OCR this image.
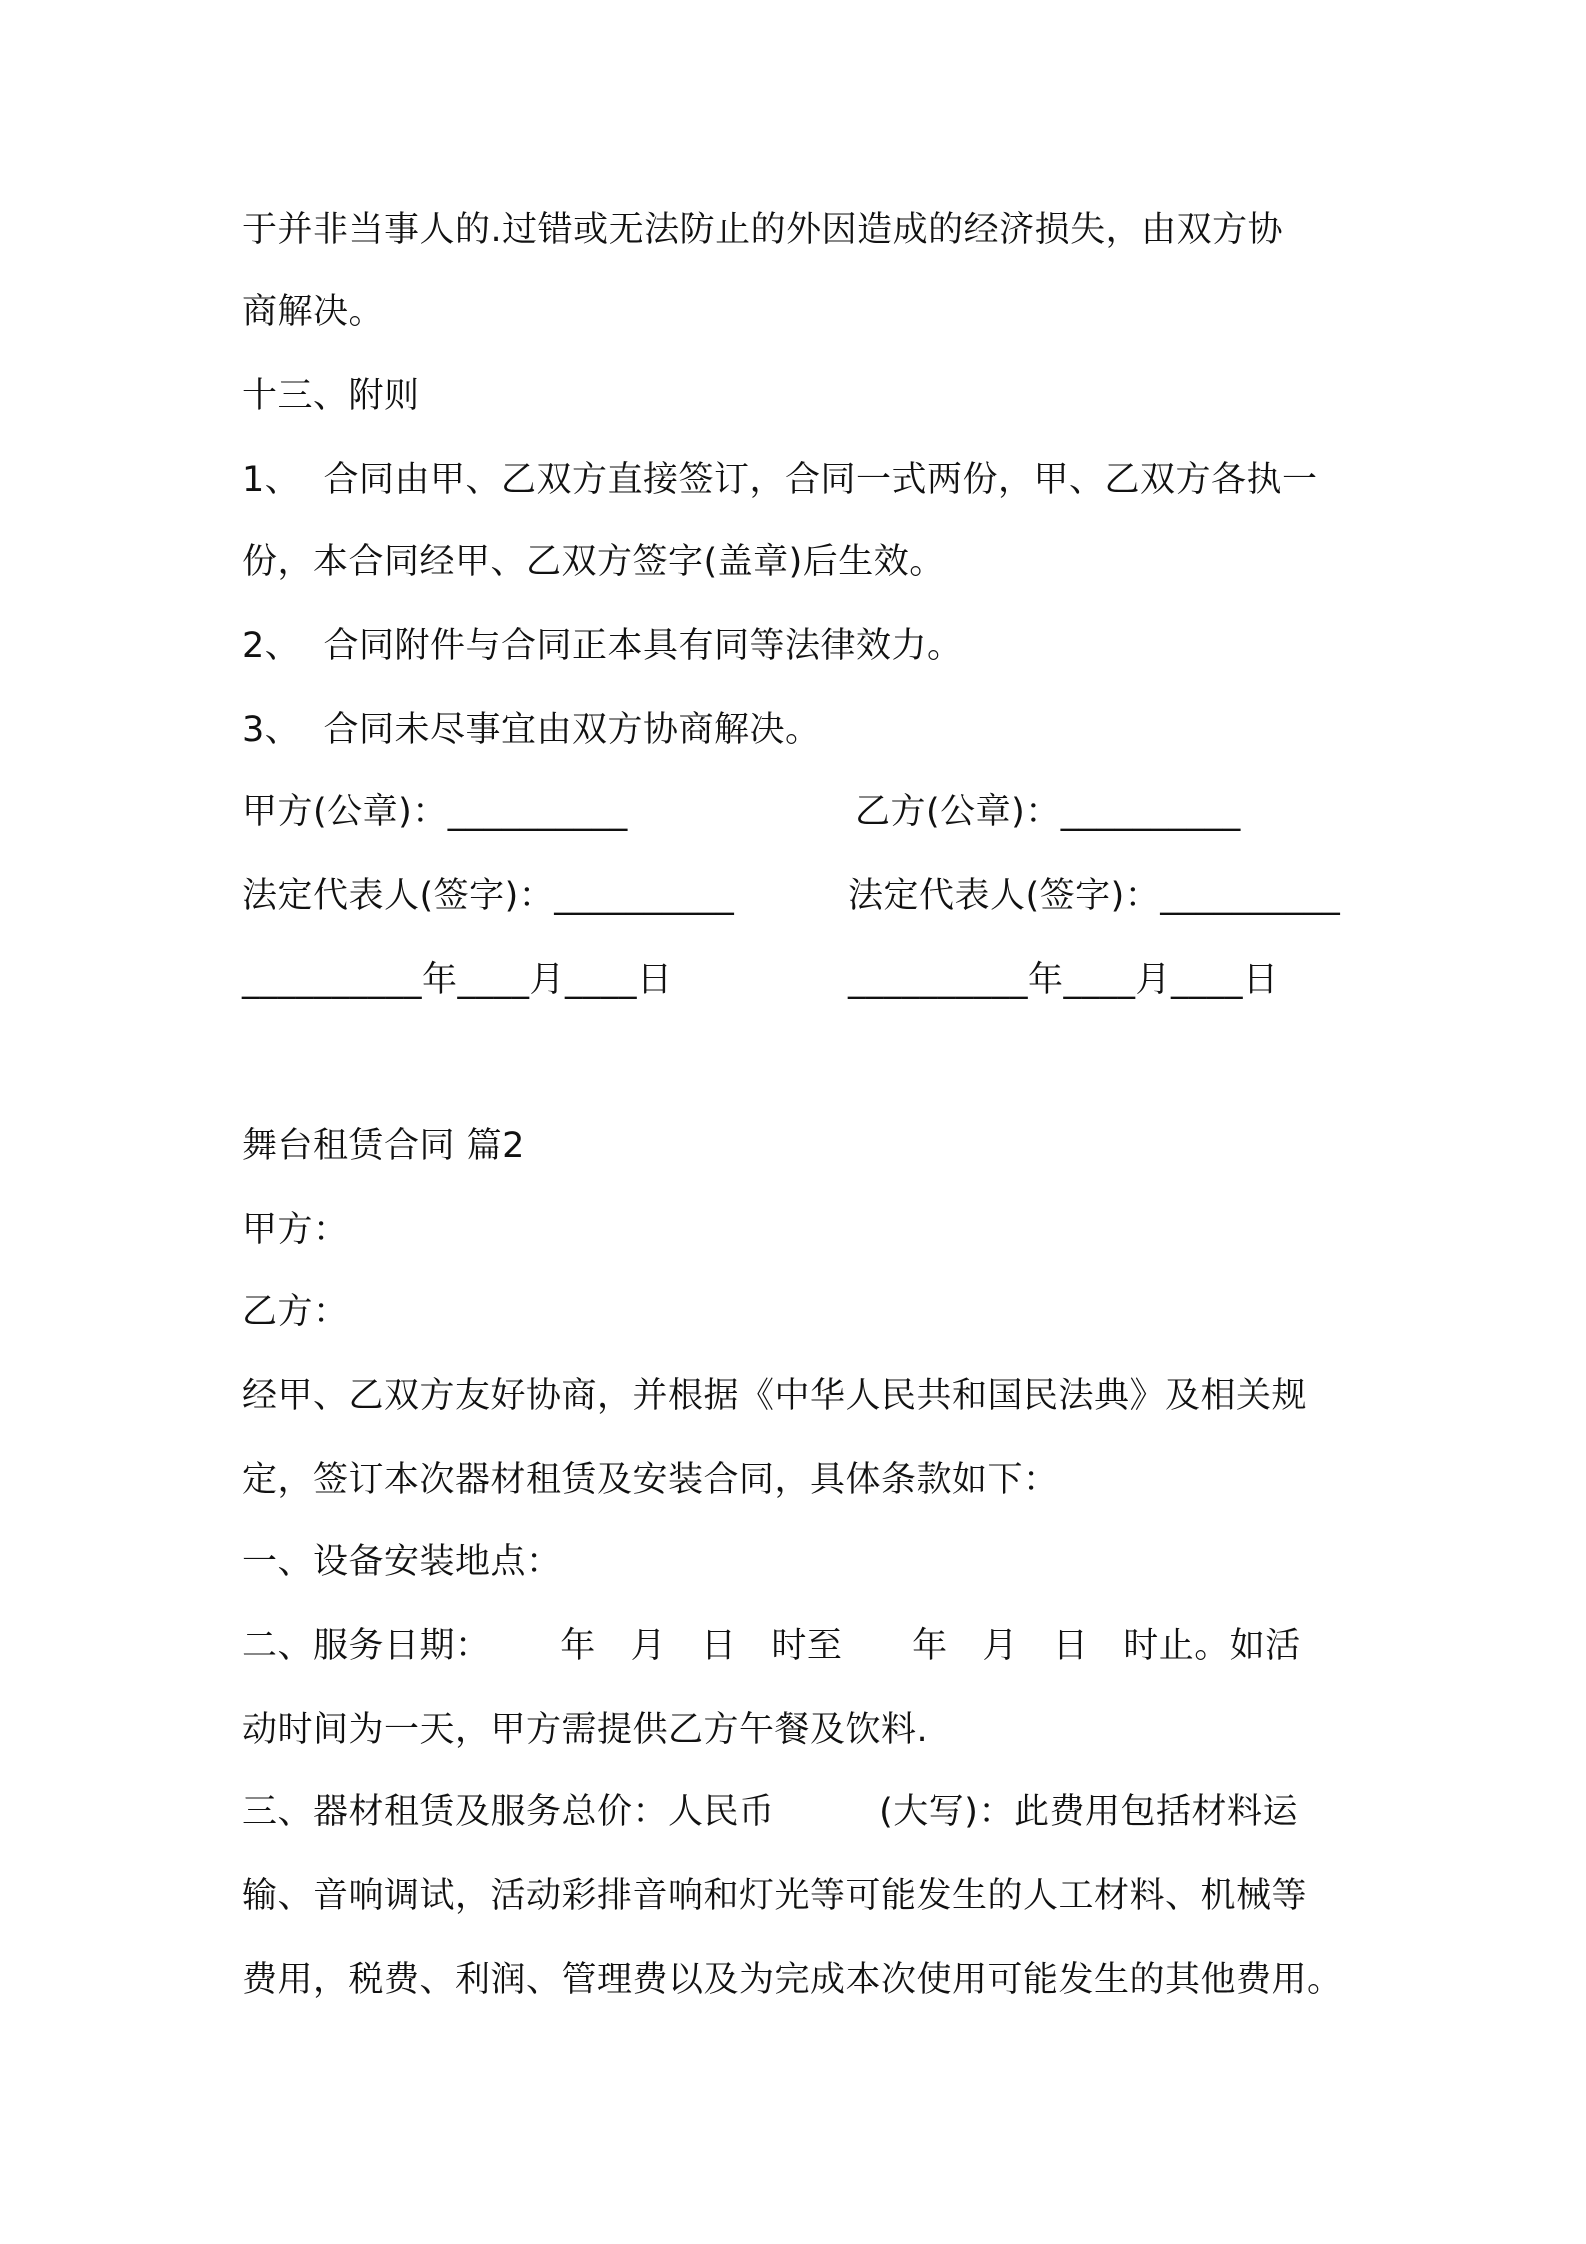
于并非当事人的.过错或无法防止的外因造成的经济损失，由双方协
商解决。
十三、附则
1、  合同由甲、乙双方直接签订，合同一式两份，甲、乙双方各执一
份，本合同经甲、乙双方签字(盖章)后生效。
2、  合同附件与合同正本具有同等法律效力。
3、  合同未尽事宜由双方协商解决。
甲方(公章)：__________	乙方(公章)：__________
法定代表人(签字)：__________	法定代表人(签字)：__________
__________年____月____日	__________年____月____日
舞台租赁合同 篇2
甲方：
乙方：
经甲、乙双方友好协商，并根据《中华人民共和国民法典》及相关规
定，签订本次器材租赁及安装合同，具体条款如下：
一、设备安装地点：
二、服务日期：      年   月   日   时至      年   月   日   时止。如活
动时间为一天，甲方需提供乙方午餐及饮料.
三、器材租赁及服务总价：人民币         (大写)：此费用包括材料运
输、音响调试，活动彩排音响和灯光等可能发生的人工材料、机械等
费用，税费、利润、管理费以及为完成本次使用可能发生的其他费用。
